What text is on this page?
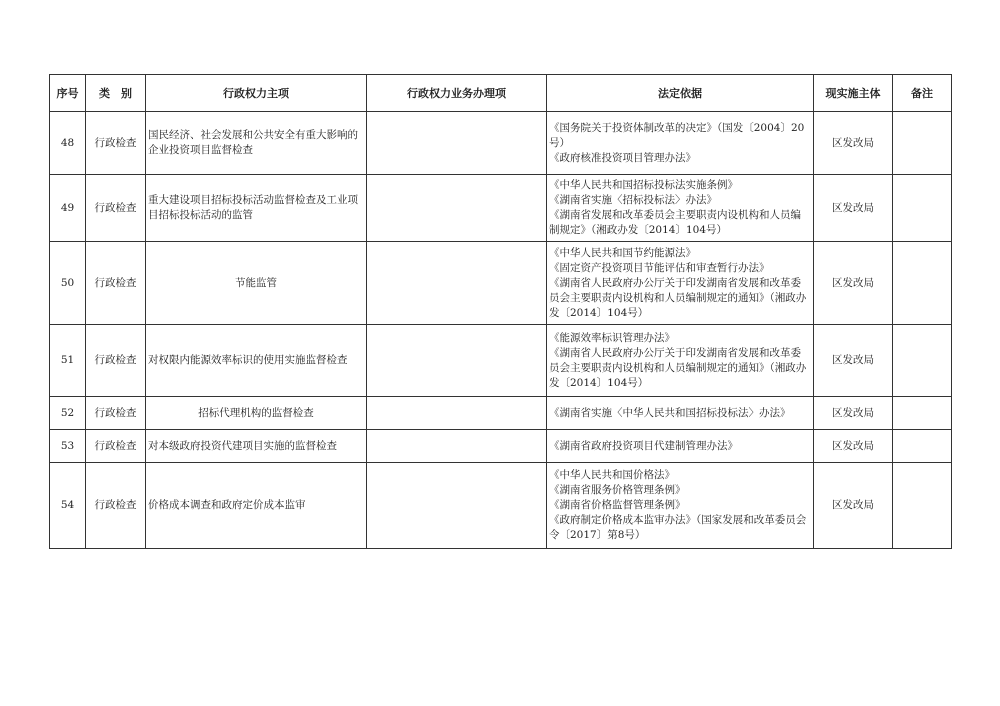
序号	类　别	行政权力主项	行政权力业务办理项	法定依据	现实施主体	备注
48	行政检查	国民经济、社会发展和公共安全有重大影响的企业投资项目监督检查		《国务院关于投资体制改革的决定》（国发〔2004〕20号）
《政府核准投资项目管理办法》	区发改局	
49	行政检查	重大建设项目招标投标活动监督检查及工业项目招标投标活动的监管		《中华人民共和国招标投标法实施条例》
《湖南省实施〈招标投标法〉办法》
《湖南省发展和改革委员会主要职责内设机构和人员编制规定》（湘政办发〔2014〕104号）	区发改局	
50	行政检查	节能监管		《中华人民共和国节约能源法》
《固定资产投资项目节能评估和审查暂行办法》
《湖南省人民政府办公厅关于印发湖南省发展和改革委员会主要职责内设机构和人员编制规定的通知》（湘政办发〔2014〕104号）	区发改局	
51	行政检查	对权限内能源效率标识的使用实施监督检查		《能源效率标识管理办法》
《湖南省人民政府办公厅关于印发湖南省发展和改革委员会主要职责内设机构和人员编制规定的通知》（湘政办发〔2014〕104号）	区发改局	
52	行政检查	招标代理机构的监督检查		《湖南省实施〈中华人民共和国招标投标法〉办法》	区发改局	
53	行政检查	对本级政府投资代建项目实施的监督检查		《湖南省政府投资项目代建制管理办法》	区发改局	
54	行政检查	价格成本调查和政府定价成本监审		《中华人民共和国价格法》
《湖南省服务价格管理条例》
《湖南省价格监督管理条例》
《政府制定价格成本监审办法》（国家发展和改革委员会令〔2017〕第8号）	区发改局	
